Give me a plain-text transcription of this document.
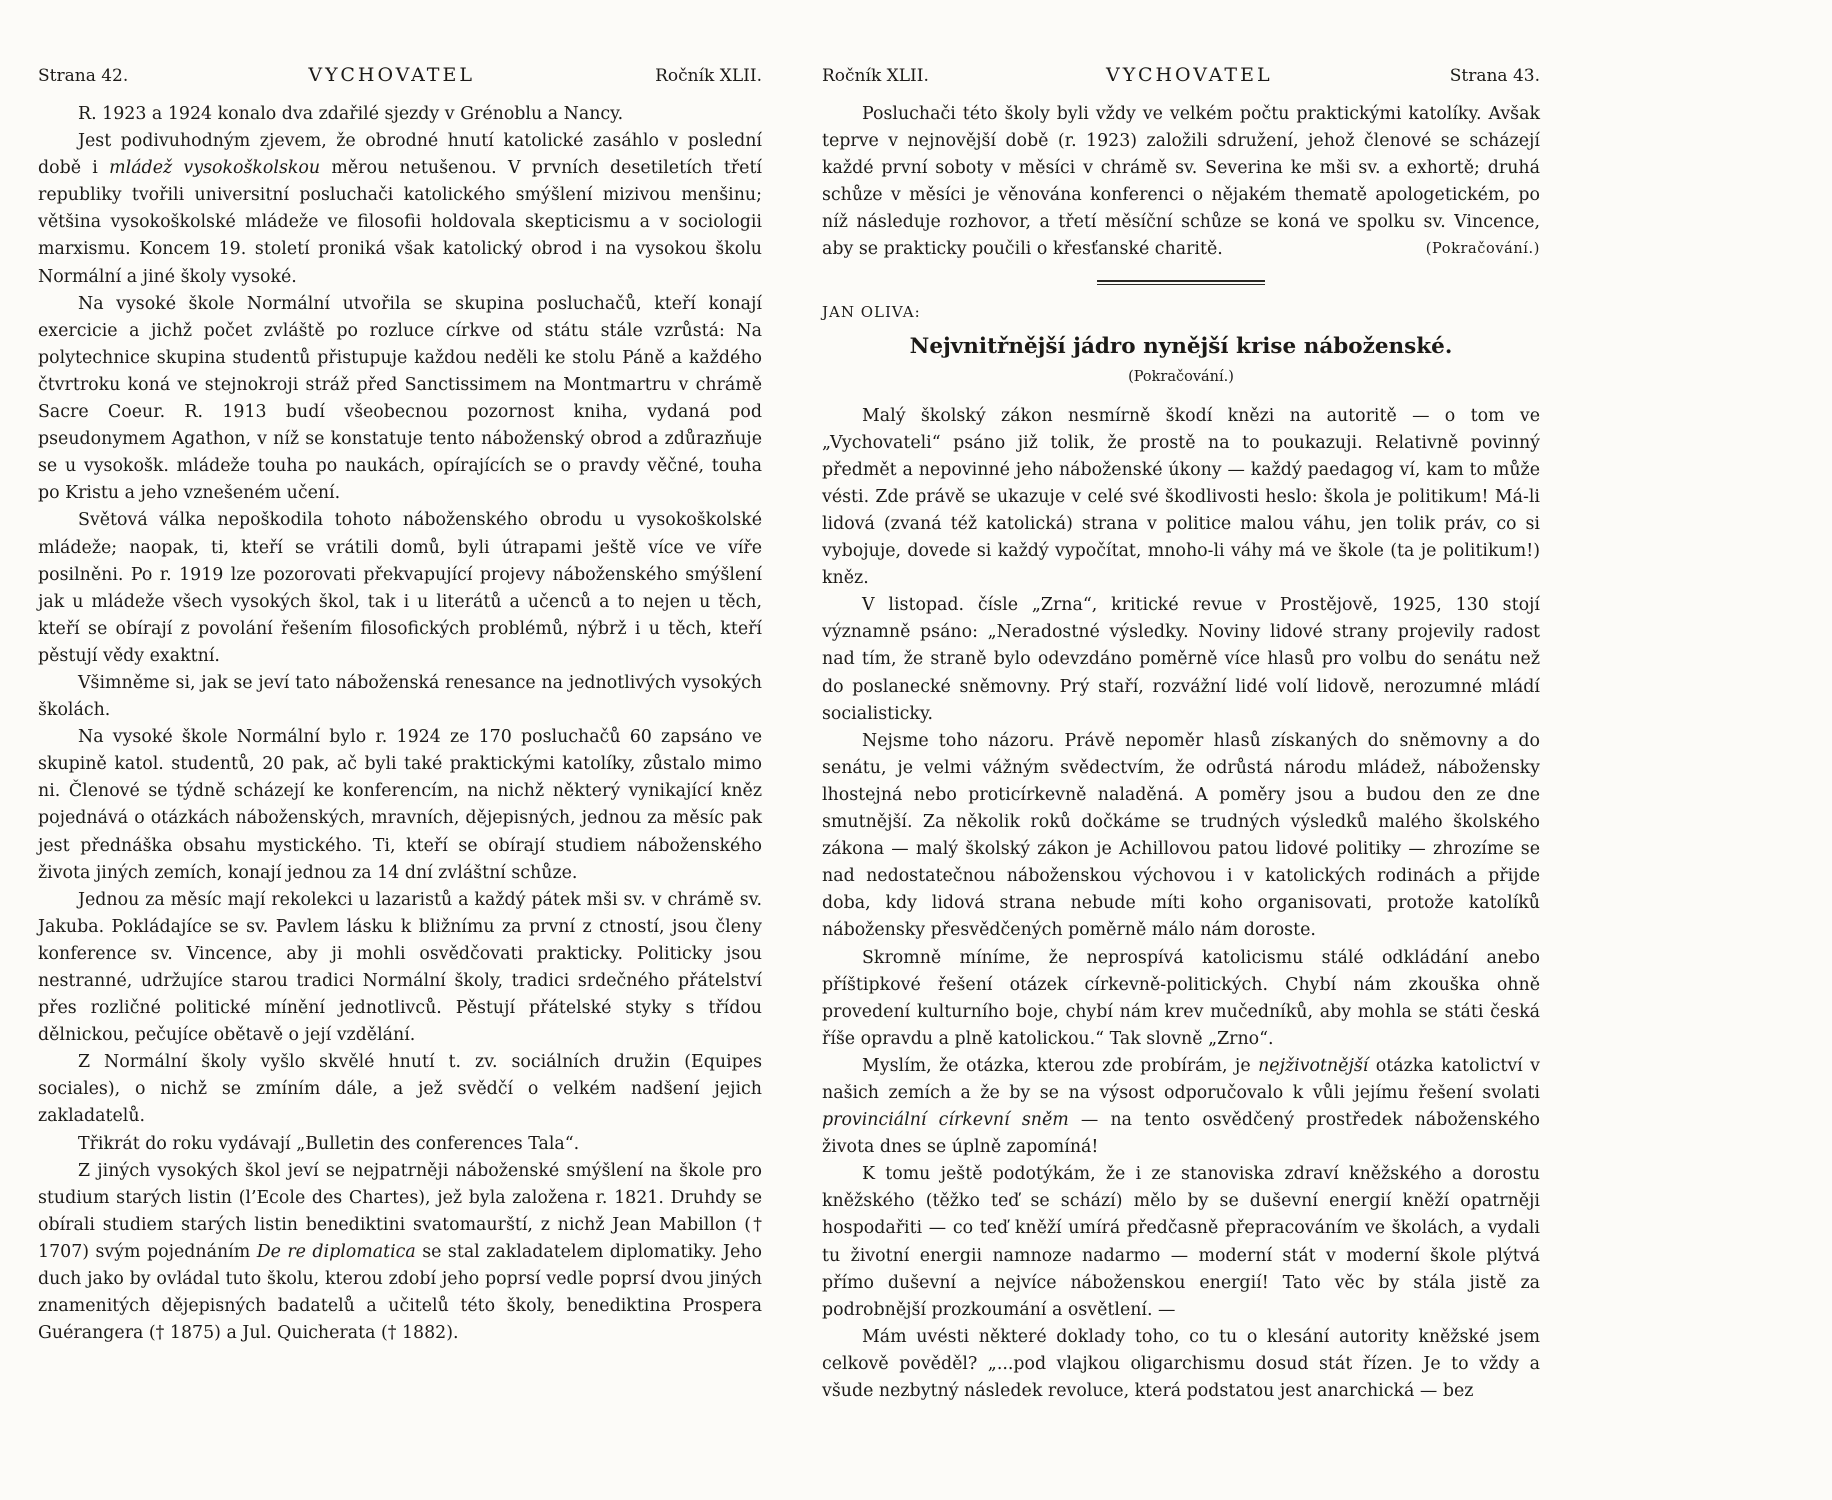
Strana 42.	VYCHOVATEL	Ročník XLII.

R. 1923 a 1924 konalo dva zdařilé sjezdy v Grénoblu a Nancy.

Jest podivuhodným zjevem, že obrodné hnutí katolické zasáhlo v poslední době i mládež vysokoškolskou měrou netušenou. V prvních desetiletích třetí republiky tvořili universitní posluchači katolického smýšlení mizivou menšinu; většina vysokoškolské mládeže ve filosofii holdovala skepticismu a v sociologii marxismu. Koncem 19. století proniká však katolický obrod i na vysokou školu Normální a jiné školy vysoké.

Na vysoké škole Normální utvořila se skupina posluchačů, kteří konají exercicie a jichž počet zvláště po rozluce církve od státu stále vzrůstá: Na polytechnice skupina studentů přistupuje každou neděli ke stolu Páně a každého čtvrtroku koná ve stejnokroji stráž před Sanctissimem na Montmartru v chrámě Sacre Coeur. R. 1913 budí všeobecnou pozornost kniha, vydaná pod pseudonymem Agathon, v níž se konstatuje tento náboženský obrod a zdůrazňuje se u vysokošk. mládeže touha po naukách, opírajících se o pravdy věčné, touha po Kristu a jeho vznešeném učení.

Světová válka nepoškodila tohoto náboženského obrodu u vysokoškolské mládeže; naopak, ti, kteří se vrátili domů, byli útrapami ještě více ve víře posilněni. Po r. 1919 lze pozorovati překvapující projevy náboženského smýšlení jak u mládeže všech vysokých škol, tak i u literátů a učenců a to nejen u těch, kteří se obírají z povolání řešením filosofických problémů, nýbrž i u těch, kteří pěstují vědy exaktní.

Všimněme si, jak se jeví tato náboženská renesance na jednotlivých vysokých školách.

Na vysoké škole Normální bylo r. 1924 ze 170 posluchačů 60 zapsáno ve skupině katol. studentů, 20 pak, ač byli také praktickými katolíky, zůstalo mimo ni. Členové se týdně scházejí ke konferencím, na nichž některý vynikající kněz pojednává o otázkách náboženských, mravních, dějepisných, jednou za měsíc pak jest přednáška obsahu mystického. Ti, kteří se obírají studiem náboženského života jiných zemích, konají jednou za 14 dní zvláštní schůze.

Jednou za měsíc mají rekolekci u lazaristů a každý pátek mši sv. v chrámě sv. Jakuba. Pokládajíce se sv. Pavlem lásku k bližnímu za první z ctností, jsou členy konference sv. Vincence, aby ji mohli osvědčovati prakticky. Politicky jsou nestranné, udržujíce starou tradici Normální školy, tradici srdečného přátelství přes rozličné politické mínění jednotlivců. Pěstují přátelské styky s třídou dělnickou, pečujíce obětavě o její vzdělání.

Z Normální školy vyšlo skvělé hnutí t. zv. sociálních družin (Equipes sociales), o nichž se zmíním dále, a jež svědčí o velkém nadšení jejich zakladatelů.

Třikrát do roku vydávají „Bulletin des conferences Tala“.

Z jiných vysokých škol jeví se nejpatrněji náboženské smýšlení na škole pro studium starých listin (l’Ecole des Chartes), jež byla založena r. 1821. Druhdy se obírali studiem starých listin benediktini svatomaurští, z nichž Jean Mabillon († 1707) svým pojednáním De re diplomatica se stal zakladatelem diplomatiky. Jeho duch jako by ovládal tuto školu, kterou zdobí jeho poprsí vedle poprsí dvou jiných znamenitých dějepisných badatelů a učitelů této školy, benediktina Prospera Guérangera († 1875) a Jul. Quicherata († 1882).

Ročník XLII.	VYCHOVATEL	Strana 43.

Posluchači této školy byli vždy ve velkém počtu praktickými katolíky. Avšak teprve v nejnovější době (r. 1923) založili sdružení, jehož členové se scházejí každé první soboty v měsíci v chrámě sv. Severina ke mši sv. a exhortě; druhá schůze v měsíci je věnována konferenci o nějakém thematě apologetickém, po níž následuje rozhovor, a třetí měsíční schůze se koná ve spolku sv. Vincence, aby se prakticky poučili o křesťanské charitě.	(Pokračování.)

JAN OLIVA:

Nejvnitřnější jádro nynější krise náboženské.

(Pokračování.)

Malý školský zákon nesmírně škodí knězi na autoritě — o tom ve „Vychovateli“ psáno již tolik, že prostě na to poukazuji. Relativně povinný předmět a nepovinné jeho náboženské úkony — každý paedagog ví, kam to může vésti. Zde právě se ukazuje v celé své škodlivosti heslo: škola je politikum! Má-li lidová (zvaná též katolická) strana v politice malou váhu, jen tolik práv, co si vybojuje, dovede si každý vypočítat, mnoho-li váhy má ve škole (ta je politikum!) kněz.

V listopad. čísle „Zrna“, kritické revue v Prostějově, 1925, 130 stojí významně psáno: „Neradostné výsledky. Noviny lidové strany projevily radost nad tím, že straně bylo odevzdáno poměrně více hlasů pro volbu do senátu než do poslanecké sněmovny. Prý staří, rozvážní lidé volí lidově, nerozumné mládí socialisticky.

Nejsme toho názoru. Právě nepoměr hlasů získaných do sněmovny a do senátu, je velmi vážným svědectvím, že odrůstá národu mládež, nábožensky lhostejná nebo proticírkevně naladěná. A poměry jsou a budou den ze dne smutnější. Za několik roků dočkáme se trudných výsledků malého školského zákona — malý školský zákon je Achillovou patou lidové politiky — zhrozíme se nad nedostatečnou náboženskou výchovou i v katolických rodinách a přijde doba, kdy lidová strana nebude míti koho organisovati, protože katolíků nábožensky přesvědčených poměrně málo nám doroste.

Skromně míníme, že neprospívá katolicismu stálé odkládání anebo příštipkové řešení otázek církevně-politických. Chybí nám zkouška ohně provedení kulturního boje, chybí nám krev mučedníků, aby mohla se státi česká říše opravdu a plně katolickou.“ Tak slovně „Zrno“.

Myslím, že otázka, kterou zde probírám, je nejživotnější otázka katolictví v našich zemích a že by se na výsost odporučovalo k vůli jejímu řešení svolati provinciální církevní sněm — na tento osvědčený prostředek náboženského života dnes se úplně zapomíná!

K tomu ještě podotýkám, že i ze stanoviska zdraví kněžského a dorostu kněžského (těžko teď se schází) mělo by se duševní energií kněží opatrněji hospodařiti — co teď kněží umírá předčasně přepracováním ve školách, a vydali tu životní energii namnoze nadarmo — moderní stát v moderní škole plýtvá přímo duševní a nejvíce náboženskou energií! Tato věc by stála jistě za podrobnější prozkoumání a osvětlení. —

Mám uvésti některé doklady toho, co tu o klesání autority kněžské jsem celkově pověděl? „...pod vlajkou oligarchismu dosud stát řízen. Je to vždy a všude nezbytný následek revoluce, která podstatou jest anarchická — bez
